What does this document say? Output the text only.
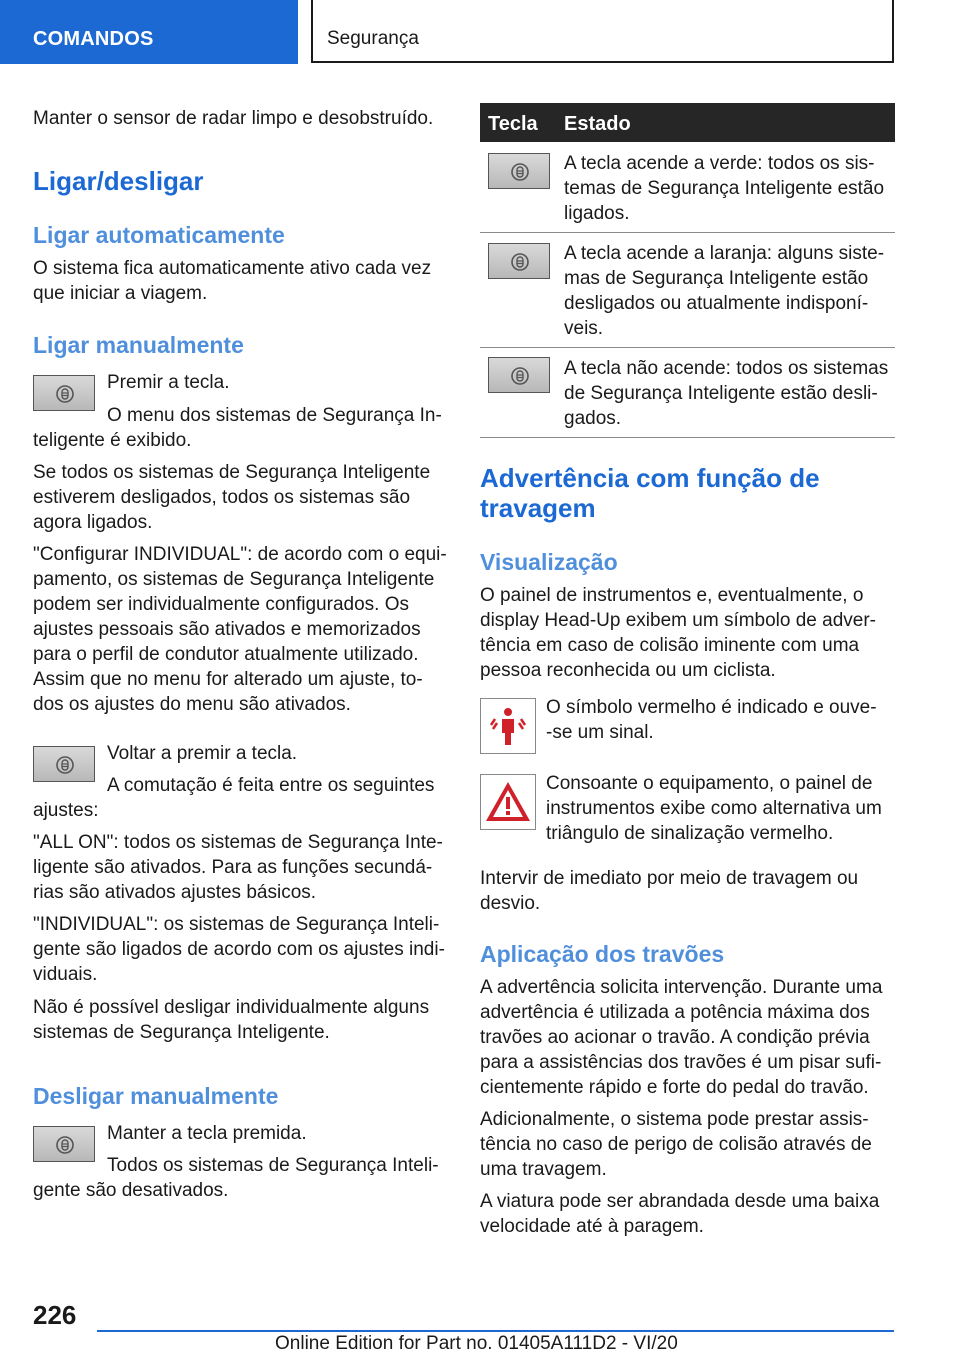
COMANDOS	Segurança

Manter o sensor de radar limpo e desobstruído.

Ligar/desligar

Ligar automaticamente

O sistema fica automaticamente ativo cada vez

que iniciar a viagem.

Ligar manualmente

Premir a tecla.

O menu dos sistemas de Segurança In-

teligente é exibido.

Se todos os sistemas de Segurança Inteligente

estiverem desligados, todos os sistemas são

agora ligados.

"Configurar INDIVIDUAL": de acordo com o equi-

pamento, os sistemas de Segurança Inteligente

podem ser individualmente configurados. Os

ajustes pessoais são ativados e memorizados

para o perfil de condutor atualmente utilizado.

Assim que no menu for alterado um ajuste, to-

dos os ajustes do menu são ativados.

Voltar a premir a tecla.

A comutação é feita entre os seguintes

ajustes:

"ALL ON": todos os sistemas de Segurança Inte-

ligente são ativados. Para as funções secundá-

rias são ativados ajustes básicos.

"INDIVIDUAL": os sistemas de Segurança Inteli-

gente são ligados de acordo com os ajustes indi-

viduais.

Não é possível desligar individualmente alguns

sistemas de Segurança Inteligente.

Desligar manualmente

Manter a tecla premida.

Todos os sistemas de Segurança Inteli-

gente são desativados.

Tecla Estado

A tecla acende a verde: todos os sis-

temas de Segurança Inteligente estão

ligados.

A tecla acende a laranja: alguns siste-

mas de Segurança Inteligente estão

desligados ou atualmente indisponí-

veis.

A tecla não acende: todos os sistemas

de Segurança Inteligente estão desli-

gados.

Advertência com função de

travagem

Visualização

O painel de instrumentos e, eventualmente, o

display Head-Up exibem um símbolo de adver-

tência em caso de colisão iminente com uma

pessoa reconhecida ou um ciclista.

O símbolo vermelho é indicado e ouve-

-se um sinal.

Consoante o equipamento, o painel de

instrumentos exibe como alternativa um

triângulo de sinalização vermelho.

Intervir de imediato por meio de travagem ou

desvio.

Aplicação dos travões

A advertência solicita intervenção. Durante uma

advertência é utilizada a potência máxima dos

travões ao acionar o travão. A condição prévia

para a assistências dos travões é um pisar sufi-

cientemente rápido e forte do pedal do travão.

Adicionalmente, o sistema pode prestar assis-

tência no caso de perigo de colisão através de

uma travagem.

A viatura pode ser abrandada desde uma baixa

velocidade até à paragem.

226
Online Edition for Part no. 01405A111D2 - VI/20
